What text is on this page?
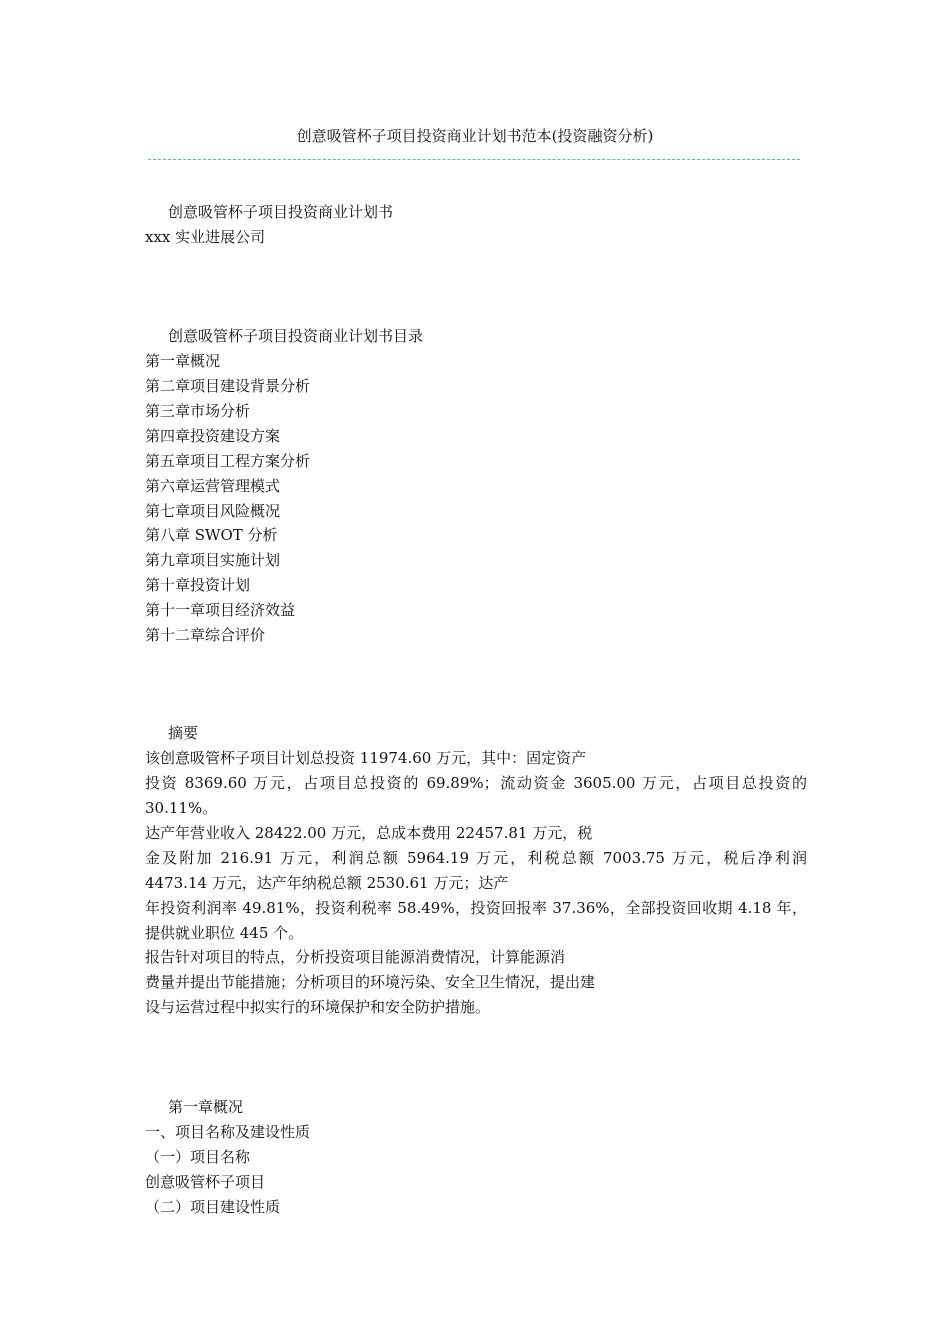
创意吸管杯子项目投资商业计划书范本(投资融资分析)
创意吸管杯子项目投资商业计划书
xxx 实业进展公司
创意吸管杯子项目投资商业计划书目录
第一章概况
第二章项目建设背景分析
第三章市场分析
第四章投资建设方案
第五章项目工程方案分析
第六章运营管理模式
第七章项目风险概况
第八章 SWOT 分析
第九章项目实施计划
第十章投资计划
第十一章项目经济效益
第十二章综合评价
摘要
该创意吸管杯子项目计划总投资 11974.60 万元，其中：固定资产
投资 8369.60 万元，占项目总投资的 69.89%；流动资金 3605.00 万元，占项目总投资的
30.11%。
达产年营业收入 28422.00 万元，总成本费用 22457.81 万元，税
金及附加 216.91 万元，利润总额 5964.19 万元，利税总额 7003.75 万元，税后净利润
4473.14 万元，达产年纳税总额 2530.61 万元；达产
年投资利润率 49.81%，投资利税率 58.49%，投资回报率 37.36%，全部投资回收期 4.18 年，
提供就业职位 445 个。
报告针对项目的特点，分析投资项目能源消费情况，计算能源消
费量并提出节能措施；分析项目的环境污染、安全卫生情况，提出建
设与运营过程中拟实行的环境保护和安全防护措施。
第一章概况
一、项目名称及建设性质
（一）项目名称
创意吸管杯子项目
（二）项目建设性质
